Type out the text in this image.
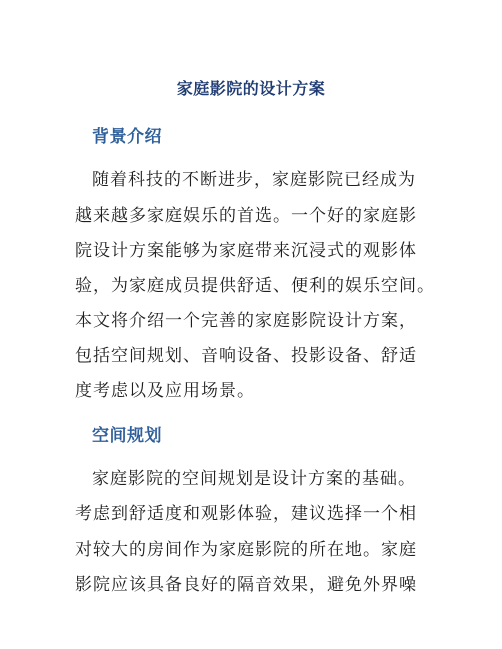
家庭影院的设计方案
背景介绍
随着科技的不断进步，家庭影院已经成为
越来越多家庭娱乐的首选。一个好的家庭影
院设计方案能够为家庭带来沉浸式的观影体
验，为家庭成员提供舒适、便利的娱乐空间。
本文将介绍一个完善的家庭影院设计方案，
包括空间规划、音响设备、投影设备、舒适
度考虑以及应用场景。
空间规划
家庭影院的空间规划是设计方案的基础。
考虑到舒适度和观影体验，建议选择一个相
对较大的房间作为家庭影院的所在地。家庭
影院应该具备良好的隔音效果，避免外界噪
